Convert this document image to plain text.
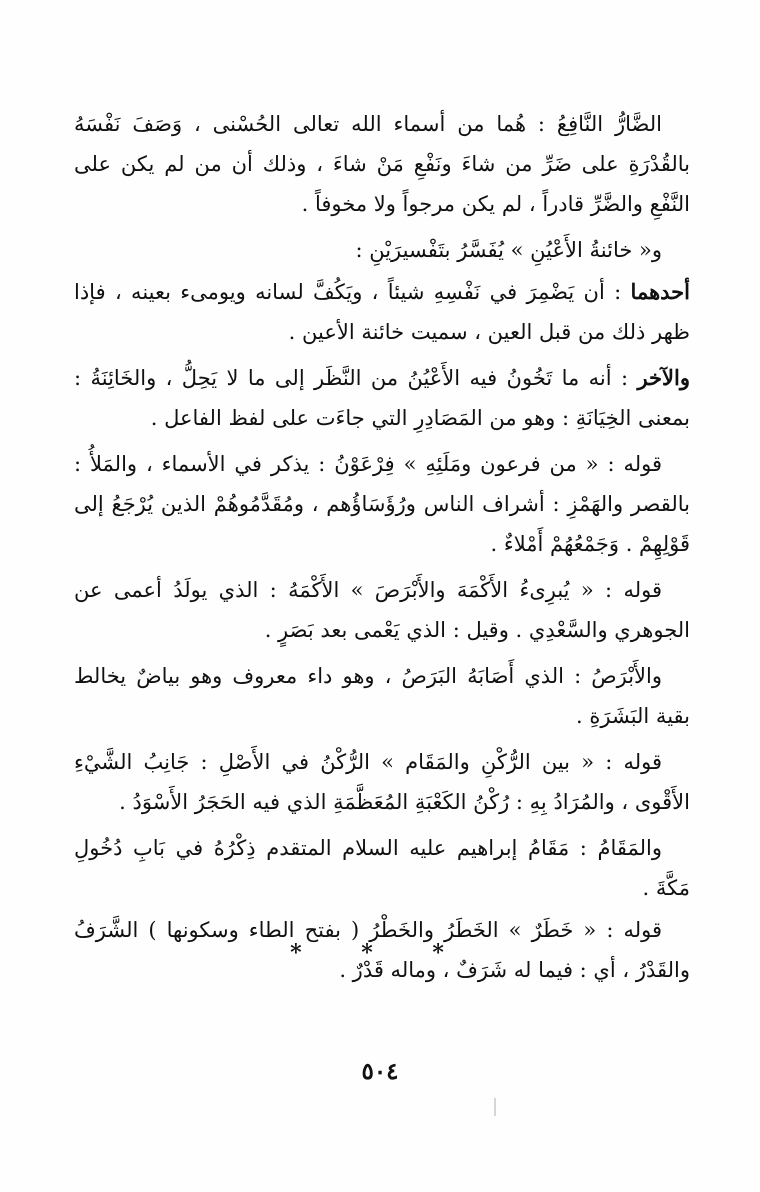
الضَّارُّ النَّافِعُ : هُما من أسماء الله تعالى الحُسْنى ، وَصَفَ نَفْسَهُ بالقُدْرَةِ على ضَرِّ من شاءَ ونَفْعِ مَنْ شاءَ ، وذلك أن من لم يكن على النَّفْعِ والضَّرِّ قادراً ، لم يكن مرجواً ولا مخوفاً .

و« خائنةُ الأَعْيُنِ » يُفَسَّرُ بتَفْسيرَيْنِ :

أحدهما : أن يَضْمِرَ في نَفْسِهِ شيئاً ، ويَكُفَّ لسانه ويومىء بعينه ، فإذا ظهر ذلك من قبل العين ، سميت خائنة الأعين .

والآخر : أنه ما تَخُونُ فيه الأَعْيُنُ من النَّظَر إلى ما لا يَحِلُّ ، والخَائِنَةُ : بمعنى الخِيَانَةِ : وهو من المَصَادِرِ التي جاءَت على لفظ الفاعل .

قوله : « من فرعون ومَلَئِهِ » فِرْعَوْنُ : يذكر في الأسماء ، والمَلأُ : بالقصر والهَمْزِ : أشراف الناس ورُؤَسَاؤُهم ، ومُقَدَّمُوهُمْ الذين يُرْجَعُ إلى قَوْلِهِمْ . وَجَمْعُهُمْ أَمْلاءٌ .

قوله : « يُبرِىءُ الأَكْمَهَ والأَبْرَصَ » الأَكْمَهُ : الذي يولَدُ أعمى عن الجوهري والسَّعْدِي . وقيل : الذي يَعْمى بعد بَصَرٍ .

والأَبْرَصُ : الذي أَصَابَهُ البَرَصُ ، وهو داء معروف وهو بياضٌ يخالط بقية البَشَرَةِ .

قوله : « بين الرُّكْنِ والمَقَام » الرُّكْنُ في الأَصْلِ : جَانِبُ الشَّيْءِ الأَقْوى ، والمُرَادُ بِهِ : رُكْنُ الكَعْبَةِ المُعَظَّمَةِ الذي فيه الحَجَرُ الأَسْوَدُ .

والمَقَامُ : مَقَامُ إبراهيم عليه السلام المتقدم ذِكْرُهُ في بَابِ دُخُولِ مَكَّةَ .

قوله : « خَطَرٌ » الخَطَرُ والخَطْرُ ( بفتح الطاء وسكونها ) الشَّرَفُ والقَدْرُ ، أي : فيما له شَرَفٌ ، وماله قَدْرٌ .

* * *
٥٠٤
